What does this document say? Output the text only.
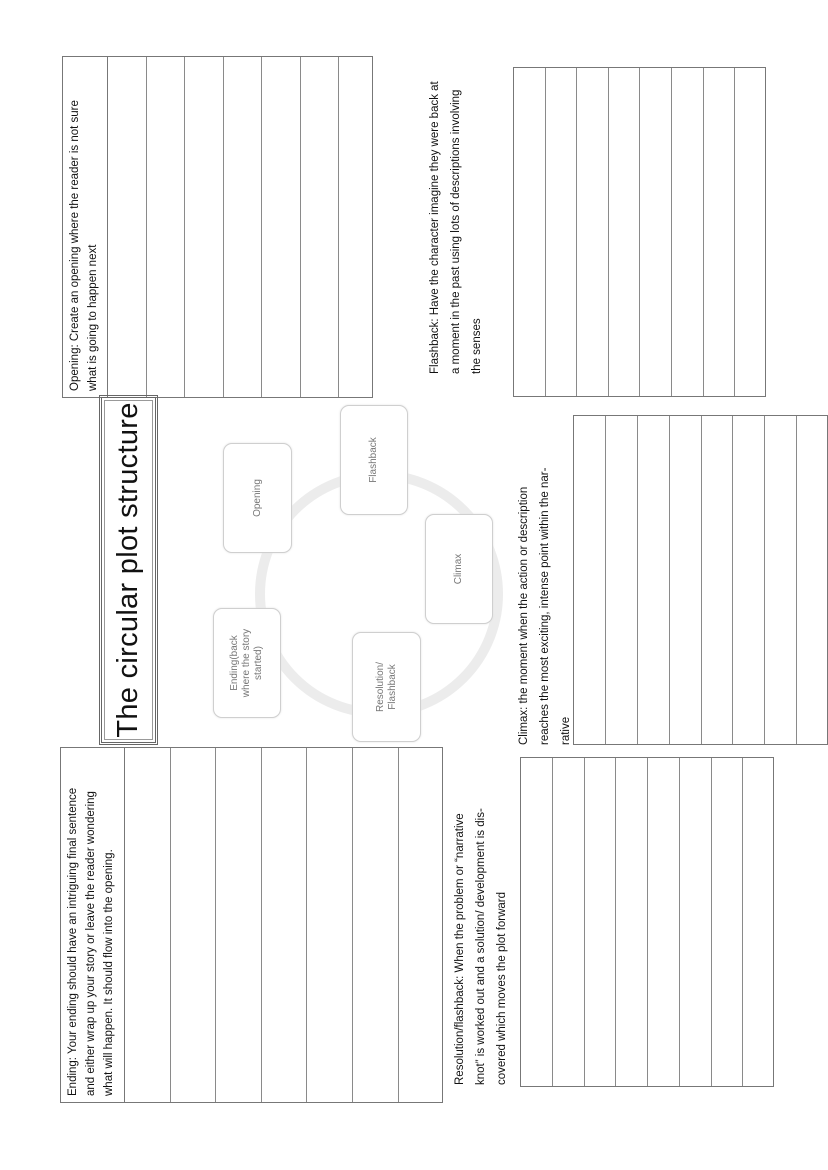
Opening: Create an opening where the reader is not sure what is going to happen next
Ending: Your ending should have an intriguing final sentence and either wrap up your story or leave the reader wondering what will happen. It should flow into the opening.
The circular plot structure	Opening
Flashback
Climax
Resolution/ Flashback
Ending(back where the story started)
Flashback: Have the character imagine they were back at a moment in the past using lots of descriptions involving the senses
Climax: the moment when the action or description reaches the most exciting, intense point within the nar- rative
Resolution/flashback: When the problem or “narrative knot” is worked out and a solution/ development is dis- covered which moves the plot forward
